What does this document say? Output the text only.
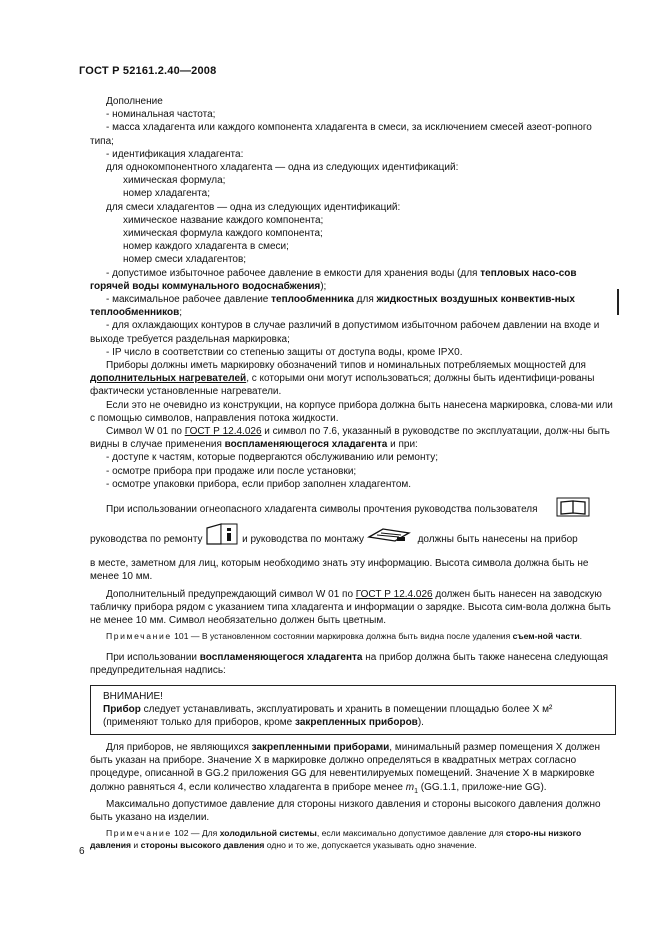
ГОСТ Р 52161.2.40—2008

Дополнение

- номинальная частота;

- масса хладагента или каждого компонента хладагента в смеси, за исключением смесей азеот-ропного типа;

- идентификация хладагента:

для однокомпонентного хладагента — одна из следующих идентификаций:

химическая формула;

номер хладагента;

для смеси хладагентов — одна из следующих идентификаций:

химическое название каждого компонента;

химическая формула каждого компонента;

номер каждого хладагента в смеси;

номер смеси хладагентов;

- допустимое избыточное рабочее давление в емкости для хранения воды (для тепловых насо-сов горячей воды коммунального водоснабжения);

- максимальное рабочее давление теплообменника для жидкостных воздушных конвектив-ных теплообменников;

- для охлаждающих контуров в случае различий в допустимом избыточном рабочем давлении на входе и выходе требуется раздельная маркировка;

- IP число в соответствии со степенью защиты от доступа воды, кроме IPX0.

Приборы должны иметь маркировку обозначений типов и номинальных потребляемых мощностей для дополнительных нагревателей, с которыми они могут использоваться; должны быть идентифици-рованы фактически установленные нагреватели.

Если это не очевидно из конструкции, на корпусе прибора должна быть нанесена маркировка, слова-ми или с помощью символов, направления потока жидкости.

Символ W 01 по ГОСТ Р 12.4.026 и символ по 7.6, указанный в руководстве по эксплуатации, долж-ны быть видны в случае применения воспламеняющегося хладагента и при:

- доступе к частям, которые подвергаются обслуживанию или ремонту;

- осмотре прибора при продаже или после установки;

- осмотре упаковки прибора, если прибор заполнен хладагентом.

При использовании огнеопасного хладагента символы прочтения руководства пользователя

руководства по ремонту	и руководства по монтажу	должны быть нанесены на прибор

в месте, заметном для лиц, которым необходимо знать эту информацию. Высота символа должна быть не менее 10 мм.

Дополнительный предупреждающий символ W 01 по ГОСТ Р 12.4.026 должен быть нанесен на заводскую табличку прибора рядом с указанием типа хладагента и информации о зарядке. Высота сим-вола должна быть не менее 10 мм. Символ необязательно должен быть цветным.

Примечание 101 — В установленном состоянии маркировка должна быть видна после удаления съем-ной части.

При использовании воспламеняющегося хладагента на прибор должна быть также нанесена следующая предупредительная надпись:

ВНИМАНИЕ!

Прибор следует устанавливать, эксплуатировать и хранить в помещении площадью более X м²

(применяют только для приборов, кроме закрепленных приборов).

Для приборов, не являющихся закрепленными приборами, минимальный размер помещения X должен быть указан на приборе. Значение X в маркировке должно определяться в квадратных метрах согласно процедуре, описанной в GG.2 приложения GG для невентилируемых помещений. Значение X в маркировке должно равняться 4, если количество хладагента в приборе менее $m_1$ (GG.1.1, приложе-ние GG).

Максимально допустимое давление для стороны низкого давления и стороны высокого давления должно быть указано на изделии.

Примечание 102 — Для холодильной системы, если максимально допустимое давление для сторо-ны низкого давления и стороны высокого давления одно и то же, допускается указывать одно значение.

6
